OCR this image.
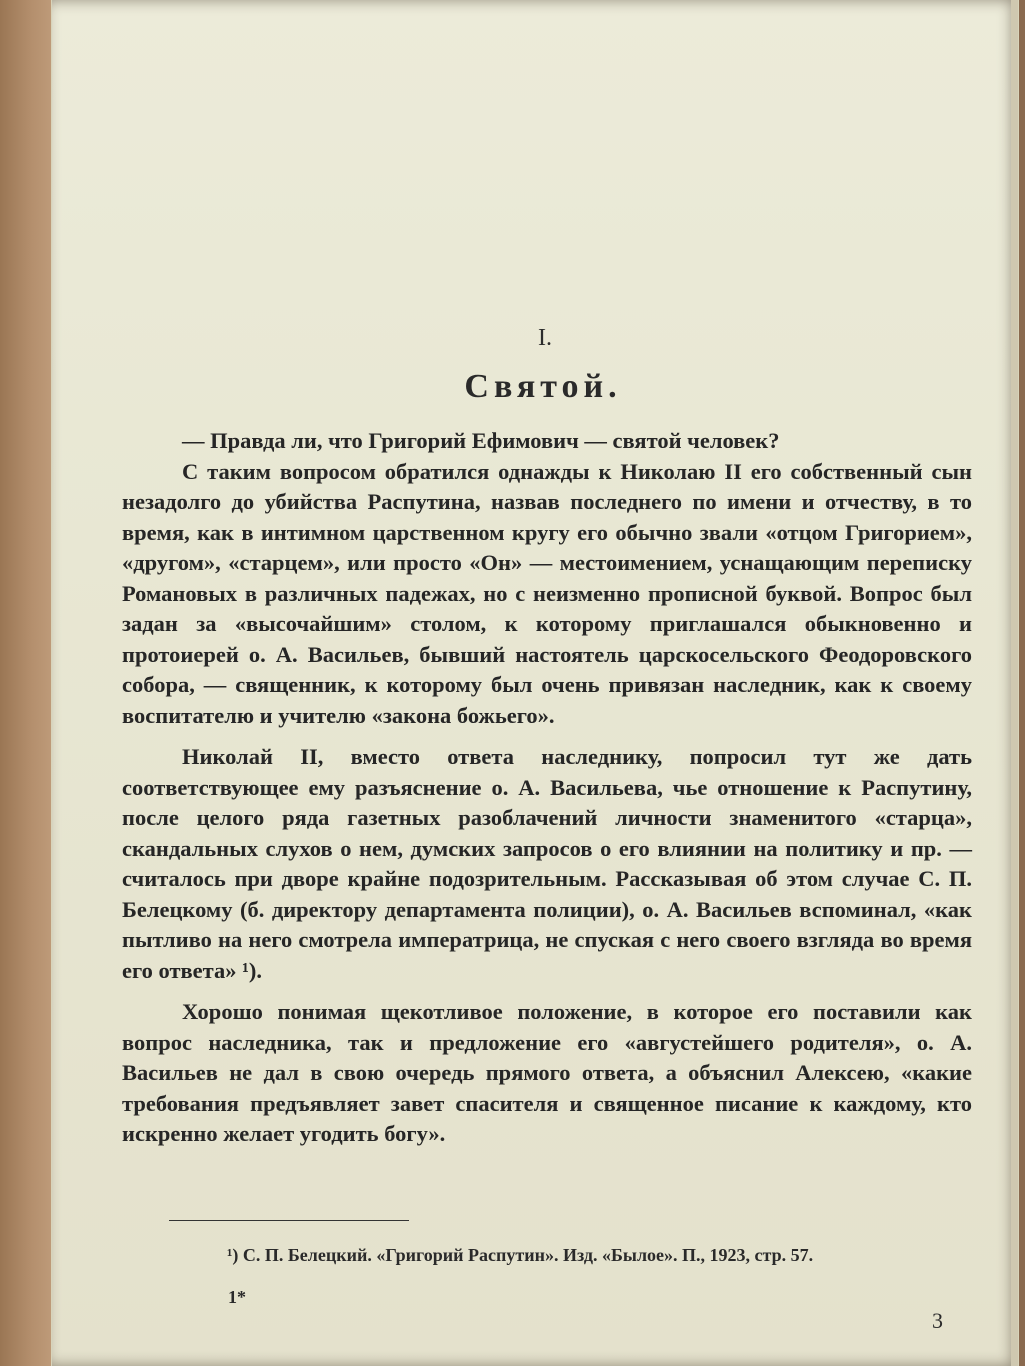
I.
Святой.

— Правда ли, что Григорий Ефимович — святой человек?

С таким вопросом обратился однажды к Николаю II его собственный сын незадолго до убийства Распутина, назвав последнего по имени и отчеству, в то время, как в интимном царственном кругу его обычно звали «отцом Григорием», «другом», «старцем», или просто «Он» — местоимением, уснащающим переписку Романовых в различных падежах, но с неизменно прописной буквой. Вопрос был задан за «высочайшим» столом, к которому приглашался обыкновенно и протоиерей о. А. Васильев, бывший настоятель царскосельского Феодоровского собора, — священник, к которому был очень привязан наследник, как к своему воспитателю и учителю «закона божьего».

Николай II, вместо ответа наследнику, попросил тут же дать соответствующее ему разъяснение о. А. Васильева, чье отношение к Распутину, после целого ряда газетных разоблачений личности знаменитого «старца», скандальных слухов о нем, думских запросов о его влиянии на политику и пр. — считалось при дворе крайне подозрительным. Рассказывая об этом случае С. П. Белецкому (б. директору департамента полиции), о. А. Васильев вспоминал, «как пытливо на него смотрела императрица, не спуская с него своего взгляда во время его ответа» ¹).

Хорошо понимая щекотливое положение, в которое его поставили как вопрос наследника, так и предложение его «августейшего родителя», о. А. Васильев не дал в свою очередь прямого ответа, а объяснил Алексею, «какие требования предъявляет завет спасителя и священное писание к каждому, кто искренно желает угодить богу».

¹) С. П. Белецкий. «Григорий Распутин». Изд. «Былое». П., 1923, стр. 57.
1*
3
